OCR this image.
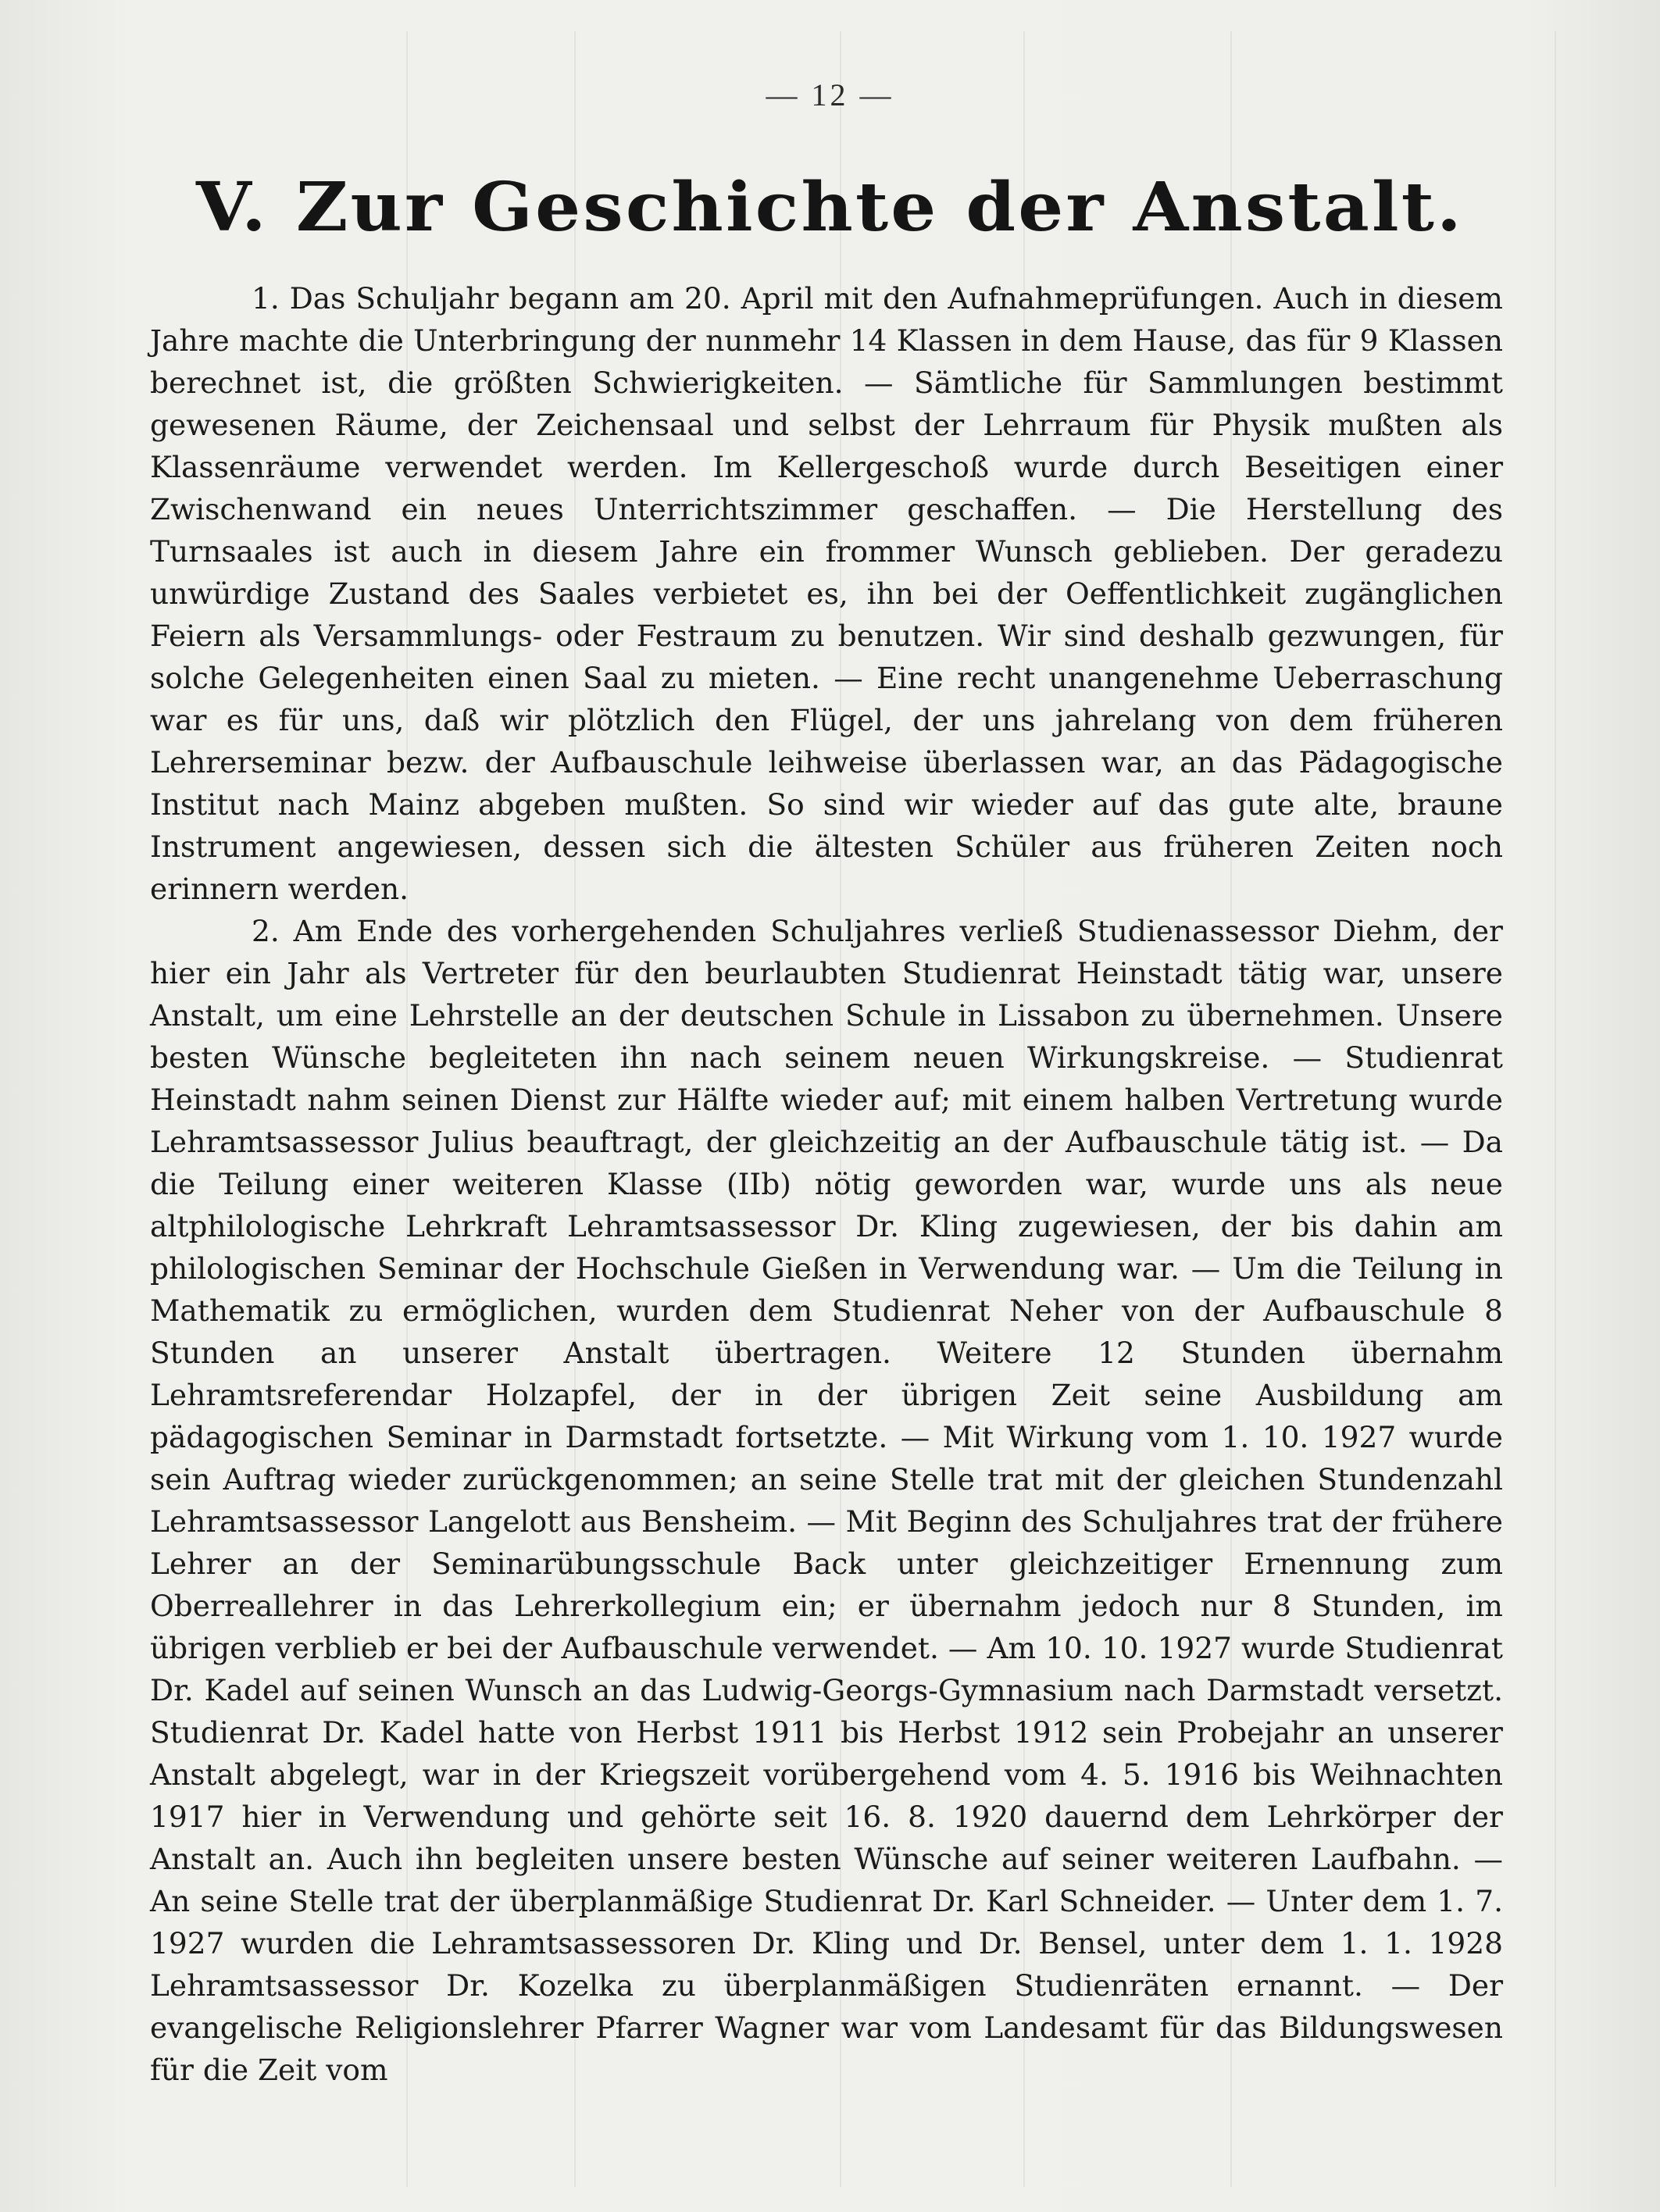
— 12 —
V. Zur Geschichte der Anstalt.

1. Das Schuljahr begann am 20. April mit den Aufnahmeprüfungen. Auch in diesem Jahre machte die Unterbringung der nunmehr 14 Klassen in dem Hause, das für 9 Klassen berechnet ist, die größten Schwierigkeiten. — Sämtliche für Sammlungen bestimmt gewesenen Räume, der Zeichensaal und selbst der Lehrraum für Physik mußten als Klassenräume verwendet werden. Im Kellergeschoß wurde durch Beseitigen einer Zwischenwand ein neues Unterrichtszimmer geschaffen. — Die Herstellung des Turnsaales ist auch in diesem Jahre ein frommer Wunsch geblieben. Der geradezu unwürdige Zustand des Saales verbietet es, ihn bei der Oeffentlichkeit zugänglichen Feiern als Versammlungs- oder Festraum zu benutzen. Wir sind deshalb gezwungen, für solche Gelegenheiten einen Saal zu mieten. — Eine recht unangenehme Ueberraschung war es für uns, daß wir plötzlich den Flügel, der uns jahrelang von dem früheren Lehrerseminar bezw. der Aufbauschule leihweise überlassen war, an das Pädagogische Institut nach Mainz abgeben mußten. So sind wir wieder auf das gute alte, braune Instrument angewiesen, dessen sich die ältesten Schüler aus früheren Zeiten noch erinnern werden.

2. Am Ende des vorhergehenden Schuljahres verließ Studienassessor Diehm, der hier ein Jahr als Vertreter für den beurlaubten Studienrat Heinstadt tätig war, unsere Anstalt, um eine Lehrstelle an der deutschen Schule in Lissabon zu übernehmen. Unsere besten Wünsche begleiteten ihn nach seinem neuen Wirkungskreise. — Studienrat Heinstadt nahm seinen Dienst zur Hälfte wieder auf; mit einem halben Vertretung wurde Lehramtsassessor Julius beauftragt, der gleichzeitig an der Aufbauschule tätig ist. — Da die Teilung einer weiteren Klasse (IIb) nötig geworden war, wurde uns als neue altphilologische Lehrkraft Lehramtsassessor Dr. Kling zugewiesen, der bis dahin am philologischen Seminar der Hochschule Gießen in Verwendung war. — Um die Teilung in Mathematik zu ermöglichen, wurden dem Studienrat Neher von der Aufbauschule 8 Stunden an unserer Anstalt übertragen. Weitere 12 Stunden übernahm Lehramtsreferendar Holzapfel, der in der übrigen Zeit seine Ausbildung am pädagogischen Seminar in Darmstadt fortsetzte. — Mit Wirkung vom 1. 10. 1927 wurde sein Auftrag wieder zurückgenommen; an seine Stelle trat mit der gleichen Stundenzahl Lehramtsassessor Langelott aus Bensheim. — Mit Beginn des Schuljahres trat der frühere Lehrer an der Seminarübungsschule Back unter gleichzeitiger Ernennung zum Oberreallehrer in das Lehrerkollegium ein; er übernahm jedoch nur 8 Stunden, im übrigen verblieb er bei der Aufbauschule verwendet. — Am 10. 10. 1927 wurde Studienrat Dr. Kadel auf seinen Wunsch an das Ludwig-Georgs-Gymnasium nach Darmstadt versetzt. Studienrat Dr. Kadel hatte von Herbst 1911 bis Herbst 1912 sein Probejahr an unserer Anstalt abgelegt, war in der Kriegszeit vorübergehend vom 4. 5. 1916 bis Weihnachten 1917 hier in Verwendung und gehörte seit 16. 8. 1920 dauernd dem Lehrkörper der Anstalt an. Auch ihn begleiten unsere besten Wünsche auf seiner weiteren Laufbahn. — An seine Stelle trat der überplanmäßige Studienrat Dr. Karl Schneider. — Unter dem 1. 7. 1927 wurden die Lehramtsassessoren Dr. Kling und Dr. Bensel, unter dem 1. 1. 1928 Lehramtsassessor Dr. Kozelka zu überplanmäßigen Studienräten ernannt. — Der evangelische Religionslehrer Pfarrer Wagner war vom Landesamt für das Bildungswesen für die Zeit vom
